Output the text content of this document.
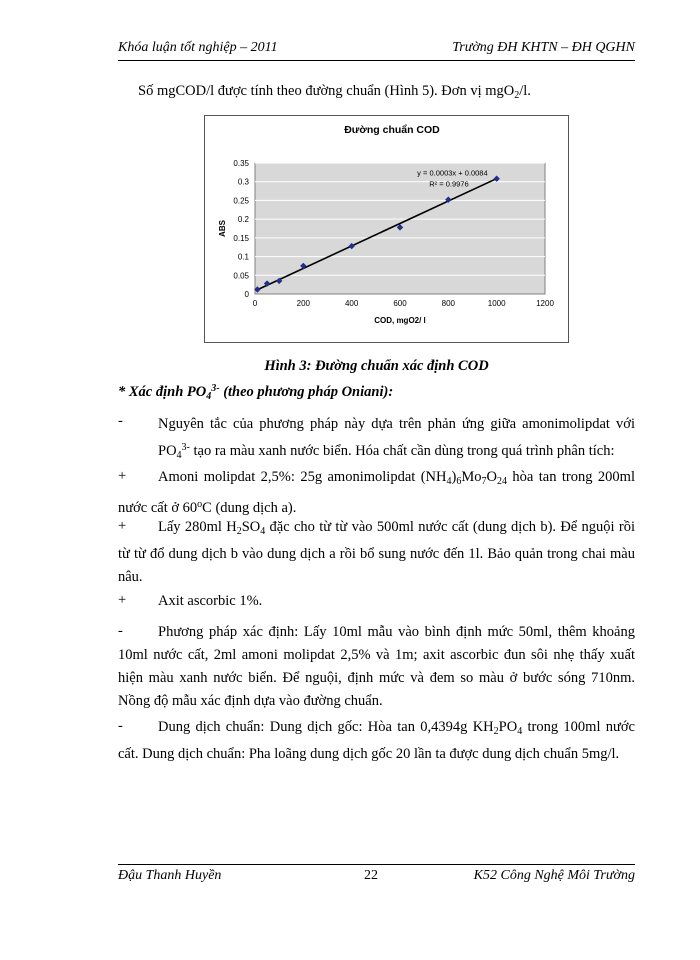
Khóa luận tốt nghiệp – 2011	Trường ĐH KHTN – ĐH QGHN
Số mgCOD/l được tính theo đường chuẩn (Hình 5). Đơn vị mgO$_2$/l.
0
0.05
0.1
0.15
0.2
0.25
0.3
0.35
0	200	400	600	800	1000	1200
Đường chuẩn COD
COD, mgO2/ l
ABS
y = 0.0003x + 0.0084
R² = 0.9976
Hình 3: Đường chuẩn xác định COD
* Xác định $PO_4^{3-}$ (theo phương pháp Oniani):
-	Nguyên tắc của phương pháp này dựa trên phản ứng giữa amonimolipdat với $PO_4^{3-}$ tạo ra màu xanh nước biển. Hóa chất cần dùng trong quá trình phân tích:
+	Amoni molipdat 2,5%: 25g amonimolipdat $(NH_4)_6Mo_7O_{24}$ hòa tan trong 200ml nước cất ở 60$^o$C (dung dịch a).
+	Lấy 280ml $H_2SO_4$ đặc cho từ từ vào 500ml nước cất (dung dịch b). Để nguội rồi từ từ đổ dung dịch b vào dung dịch a rồi bổ sung nước đến 1l. Bảo quản trong chai màu nâu.
+	Axit ascorbic 1%.
-	Phương pháp xác định: Lấy 10ml mẫu vào bình định mức 50ml, thêm khoảng 10ml nước cất, 2ml amoni molipdat 2,5% và 1m; axit ascorbic đun sôi nhẹ thấy xuất hiện màu xanh nước biển. Để nguội, định mức và đem so màu ở bước sóng 710nm. Nồng độ mẫu xác định dựa vào đường chuẩn.
-	Dung dịch chuẩn: Dung dịch gốc: Hòa tan 0,4394g $KH_2PO_4$ trong 100ml nước cất. Dung dịch chuẩn: Pha loãng dung dịch gốc 20 lần ta được dung dịch chuẩn 5mg/l.
Đậu Thanh Huyền	22	K52 Công Nghệ Môi Trường
